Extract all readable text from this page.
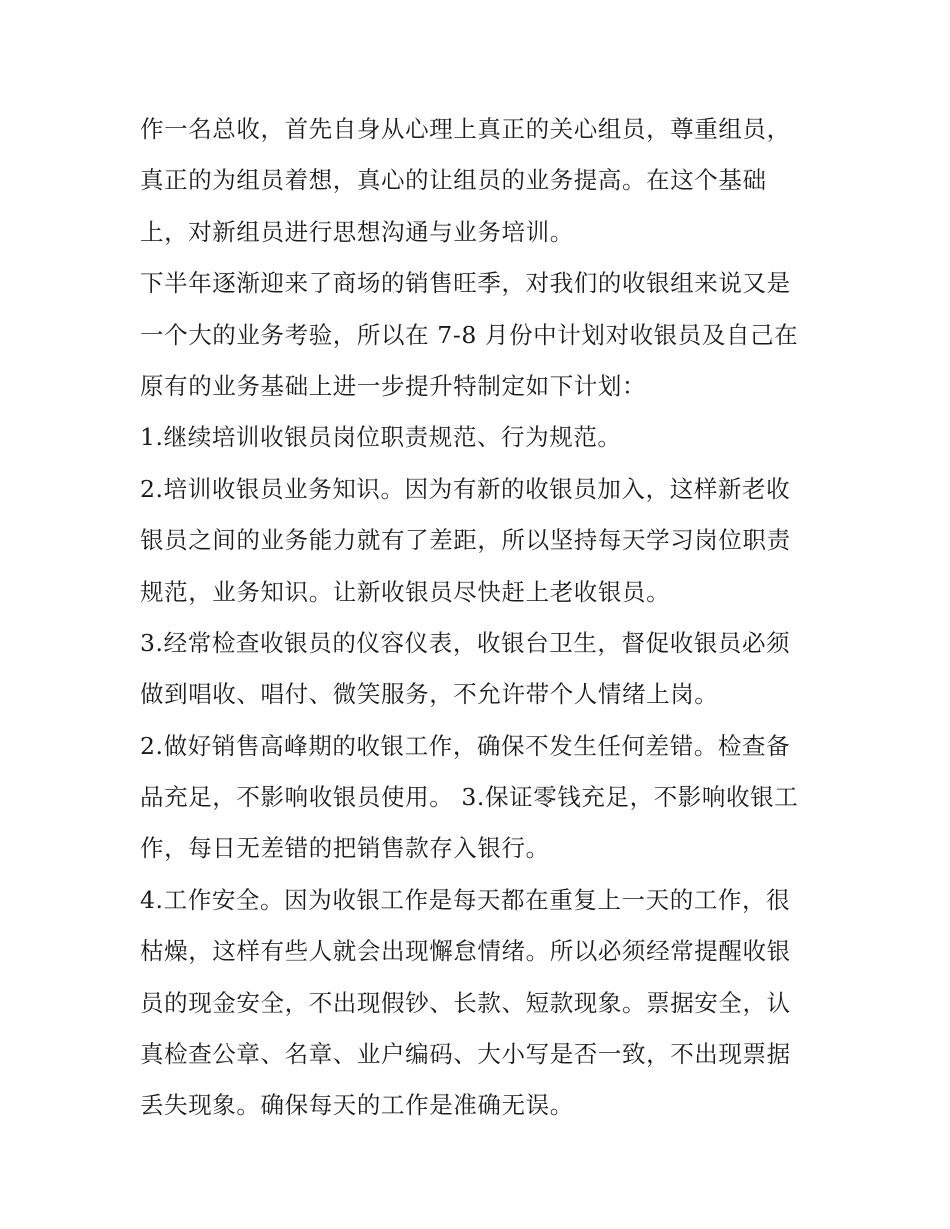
作一名总收，首先自身从心理上真正的关心组员，尊重组员，
真正的为组员着想，真心的让组员的业务提高。在这个基础
上，对新组员进行思想沟通与业务培训。
下半年逐渐迎来了商场的销售旺季，对我们的收银组来说又是
一个大的业务考验，所以在 7-8 月份中计划对收银员及自己在
原有的业务基础上进一步提升特制定如下计划：
1.继续培训收银员岗位职责规范、行为规范。
2.培训收银员业务知识。因为有新的收银员加入，这样新老收
银员之间的业务能力就有了差距，所以坚持每天学习岗位职责
规范，业务知识。让新收银员尽快赶上老收银员。
3.经常检查收银员的仪容仪表，收银台卫生，督促收银员必须
做到唱收、唱付、微笑服务，不允许带个人情绪上岗。
2.做好销售高峰期的收银工作，确保不发生任何差错。检查备
品充足，不影响收银员使用。 3.保证零钱充足，不影响收银工
作，每日无差错的把销售款存入银行。
4.工作安全。因为收银工作是每天都在重复上一天的工作，很
枯燥，这样有些人就会出现懈怠情绪。所以必须经常提醒收银
员的现金安全，不出现假钞、长款、短款现象。票据安全，认
真检查公章、名章、业户编码、大小写是否一致，不出现票据
丢失现象。确保每天的工作是准确无误。
